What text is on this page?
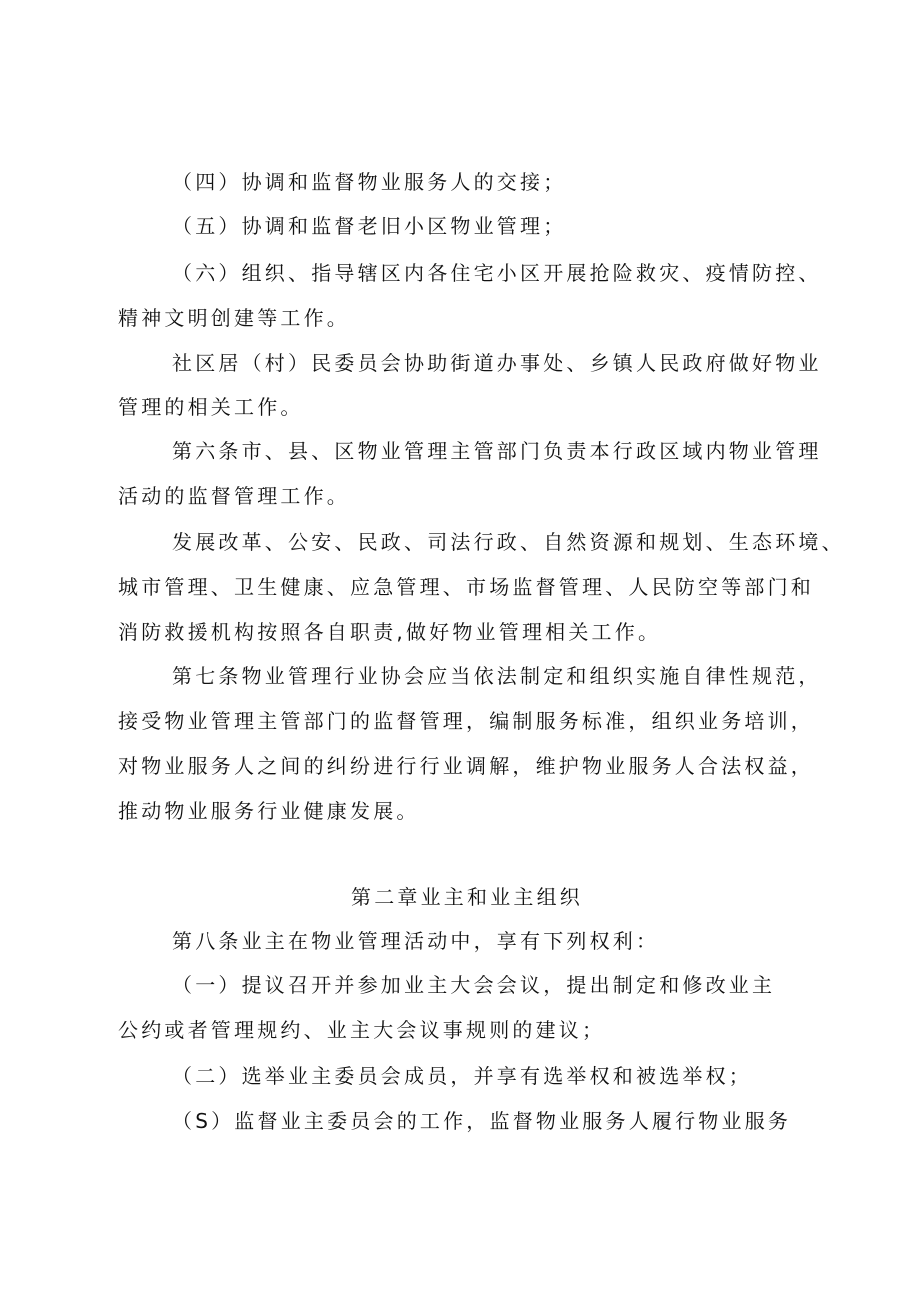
（四）协调和监督物业服务人的交接；
（五）协调和监督老旧小区物业管理；
（六）组织、指导辖区内各住宅小区开展抢险救灾、疫情防控、
精神文明创建等工作。
社区居（村）民委员会协助街道办事处、乡镇人民政府做好物业
管理的相关工作。
第六条市、县、区物业管理主管部门负责本行政区域内物业管理
活动的监督管理工作。
发展改革、公安、民政、司法行政、自然资源和规划、生态环境、
城市管理、卫生健康、应急管理、市场监督管理、人民防空等部门和
消防救援机构按照各自职责,做好物业管理相关工作。
第七条物业管理行业协会应当依法制定和组织实施自律性规范，
接受物业管理主管部门的监督管理，编制服务标准，组织业务培训，
对物业服务人之间的纠纷进行行业调解，维护物业服务人合法权益，
推动物业服务行业健康发展。
第二章业主和业主组织
第八条业主在物业管理活动中，享有下列权利：
（一）提议召开并参加业主大会会议，提出制定和修改业主
公约或者管理规约、业主大会议事规则的建议；
（二）选举业主委员会成员，并享有选举权和被选举权；
（S）监督业主委员会的工作，监督物业服务人履行物业服务
